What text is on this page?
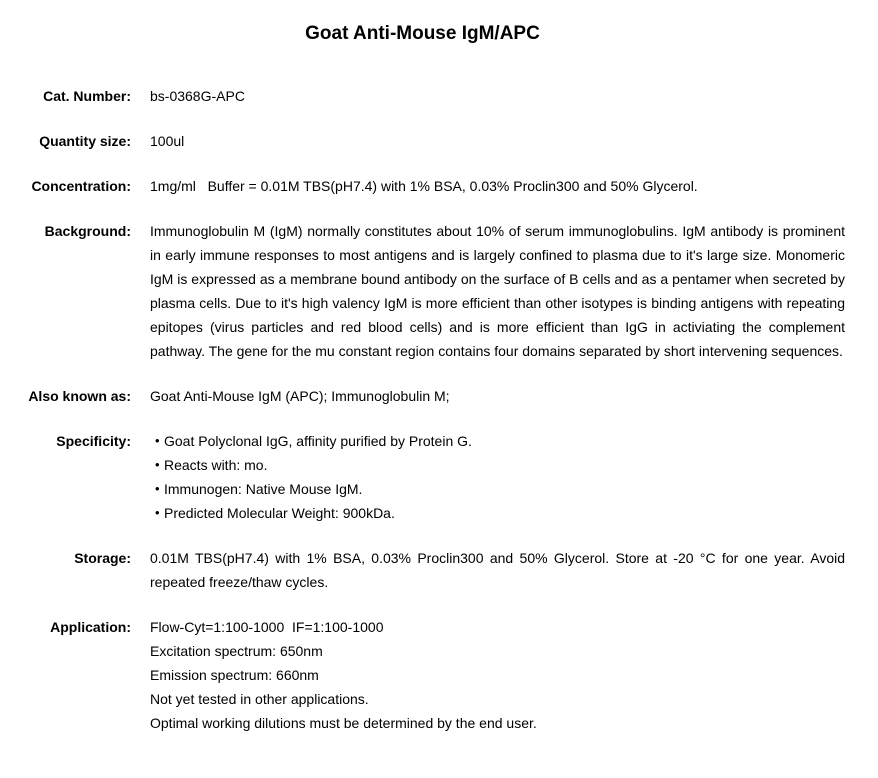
Goat Anti-Mouse IgM/APC
Cat. Number: bs-0368G-APC
Quantity size: 100ul
Concentration: 1mg/ml   Buffer = 0.01M TBS(pH7.4) with 1% BSA, 0.03% Proclin300 and 50% Glycerol.
Background: Immunoglobulin M (IgM) normally constitutes about 10% of serum immunoglobulins. IgM antibody is prominent in early immune responses to most antigens and is largely confined to plasma due to it's large size. Monomeric IgM is expressed as a membrane bound antibody on the surface of B cells and as a pentamer when secreted by plasma cells. Due to it's high valency IgM is more efficient than other isotypes is binding antigens with repeating epitopes (virus particles and red blood cells) and is more efficient than IgG in activiating the complement pathway. The gene for the mu constant region contains four domains separated by short intervening sequences.
Also known as: Goat Anti-Mouse IgM (APC); Immunoglobulin M;
Specificity:	• Goat Polyclonal IgG, affinity purified by Protein G.
• Reacts with: mo.
• Immunogen: Native Mouse IgM.
• Predicted Molecular Weight: 900kDa.
Storage: 0.01M TBS(pH7.4) with 1% BSA, 0.03% Proclin300 and 50% Glycerol. Store at -20 °C for one year. Avoid repeated freeze/thaw cycles.
Application: Flow-Cyt=1:100-1000  IF=1:100-1000
Excitation spectrum: 650nm
Emission spectrum: 660nm
Not yet tested in other applications.
Optimal working dilutions must be determined by the end user.
